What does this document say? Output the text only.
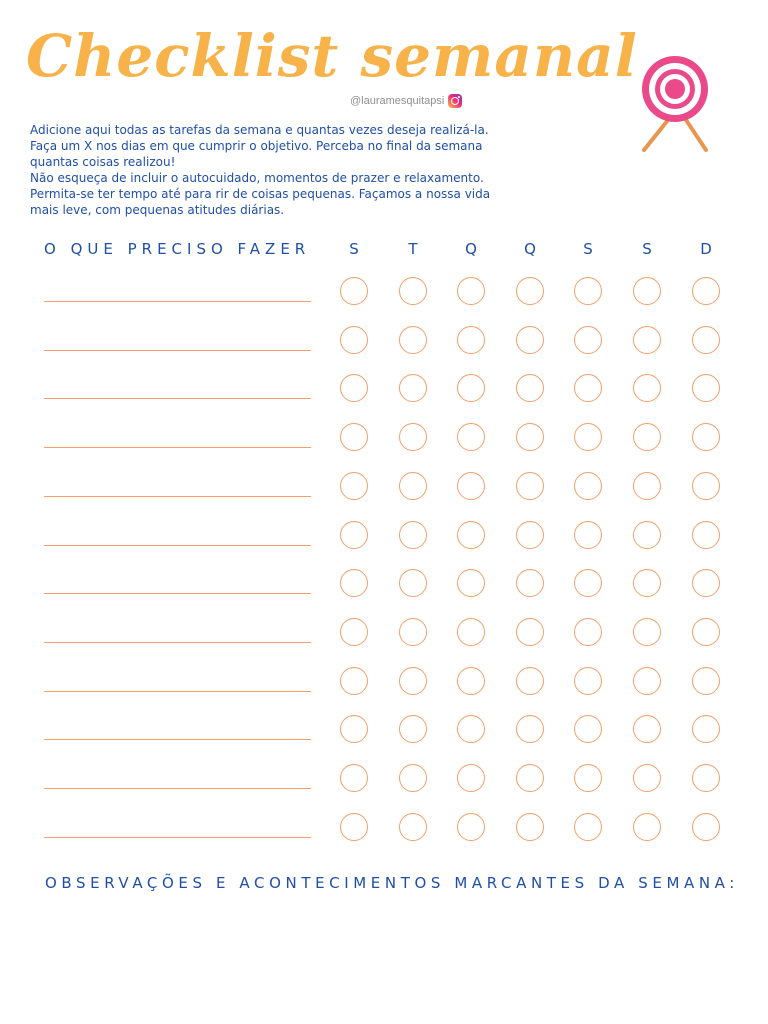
Checklist semanal
@lauramesquitapsi

Adicione aqui todas as tarefas da semana e quantas vezes deseja realizá-la.

Faça um X nos dias em que cumprir o objetivo. Perceba no final da semana quantas coisas realizou!

Não esqueça de incluir o autocuidado, momentos de prazer e relaxamento.

Permita-se ter tempo até para rir de coisas pequenas. Façamos a nossa vida mais leve, com pequenas atitudes diárias.

O QUE PRECISO FAZER	S	T	Q	Q	S	S	D
OBSERVAÇÕES E ACONTECIMENTOS MARCANTES DA SEMANA:
